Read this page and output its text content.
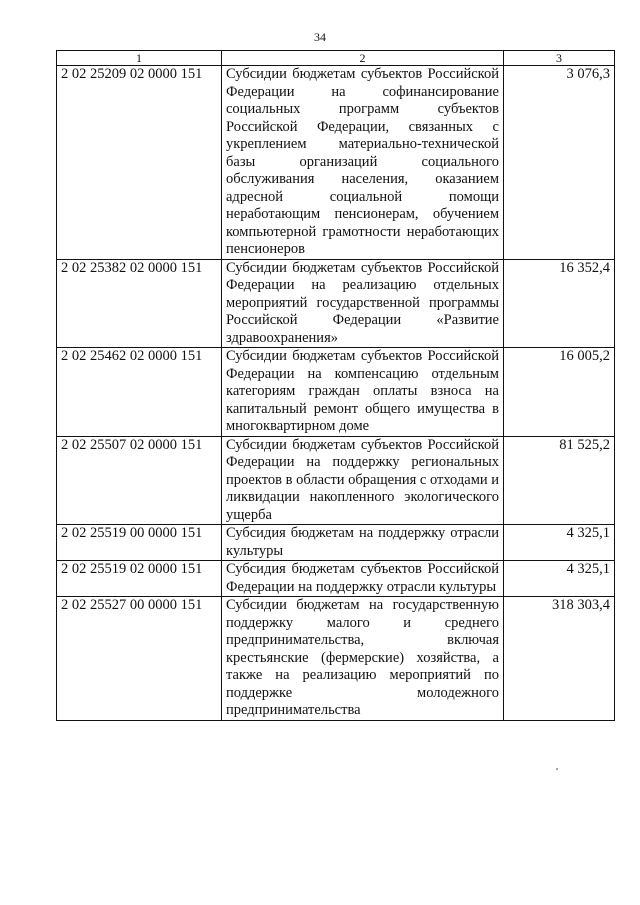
34
1	2	3
2 02 25209 02 0000 151	Субсидии бюджетам субъектов Российской Федерации на софинансирование социальных программ субъектов Российской Федерации, связанных с укреплением материально-технической базы организаций социального обслуживания населения, оказанием адресной социальной помощи неработающим пенсионерам, обучением компьютерной грамотности неработающих пенсионеров	3 076,3
2 02 25382 02 0000 151	Субсидии бюджетам субъектов Российской Федерации на реализацию отдельных мероприятий государственной программы Российской Федерации «Развитие здравоохранения»	16 352,4
2 02 25462 02 0000 151	Субсидии бюджетам субъектов Российской Федерации на компенсацию отдельным категориям граждан оплаты взноса на капитальный ремонт общего имущества в многоквартирном доме	16 005,2
2 02 25507 02 0000 151	Субсидии бюджетам субъектов Российской Федерации на поддержку региональных проектов в области обращения с отходами и ликвидации накопленного экологического ущерба	81 525,2
2 02 25519 00 0000 151	Субсидия бюджетам на поддержку отрасли культуры	4 325,1
2 02 25519 02 0000 151	Субсидия бюджетам субъектов Российской Федерации на поддержку отрасли культуры	4 325,1
2 02 25527 00 0000 151	Субсидии бюджетам на государственную поддержку малого и среднего предпринимательства, включая крестьянские (фермерские) хозяйства, а также на реализацию мероприятий по поддержке молодежного предпринимательства	318 303,4
